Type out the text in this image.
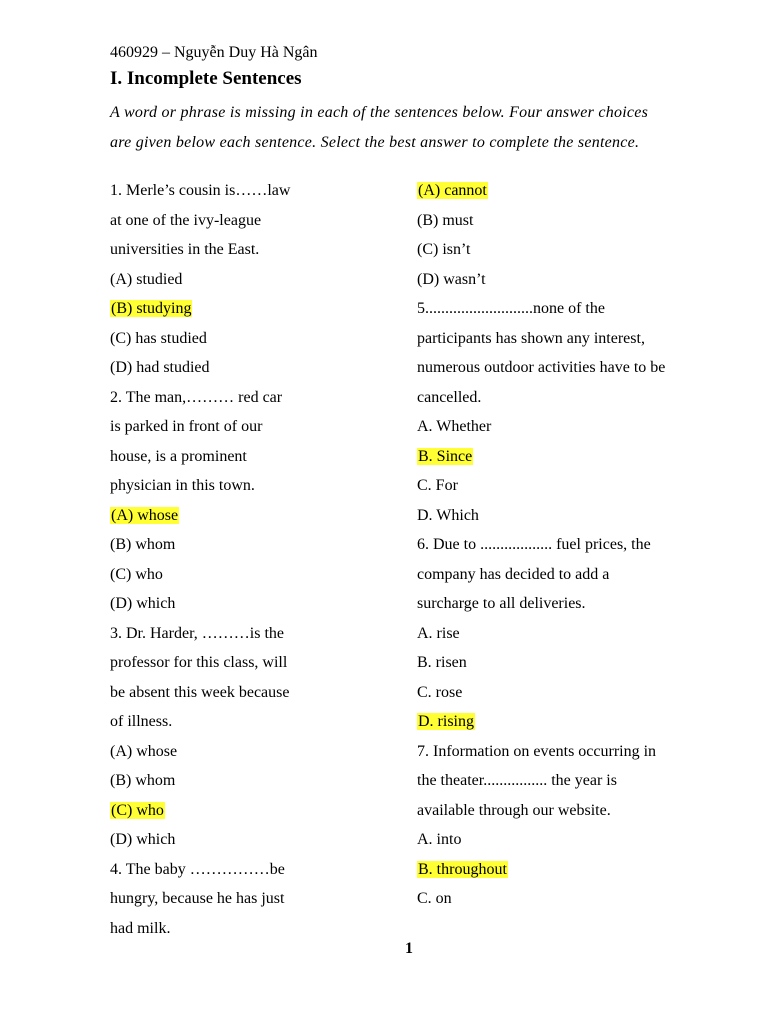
460929 – Nguyễn Duy Hà Ngân
I. Incomplete Sentences
A word or phrase is missing in each of the sentences below. Four answer choices
are given below each sentence. Select the best answer to complete the sentence.
1. Merle’s cousin is……law
at one of the ivy-league
universities in the East.
(A) studied
(B) studying
(C) has studied
(D) had studied
2. The man,……… red car
is parked in front of our
house, is a prominent
physician in this town.
(A) whose
(B) whom
(C) who
(D) which
3. Dr. Harder, ………is the
professor for this class, will
be absent this week because
of illness.
(A) whose
(B) whom
(C) who
(D) which
4. The baby ……………be
hungry, because he has just
had milk.
(A) cannot
(B) must
(C) isn’t
(D) wasn’t
5...........................none of the
participants has shown any interest,
numerous outdoor activities have to be
cancelled.
A. Whether
B. Since
C. For
D. Which
6. Due to .................. fuel prices, the
company has decided to add a
surcharge to all deliveries.
A. rise
B. risen
C. rose
D. rising
7. Information on events occurring in
the theater................ the year is
available through our website.
A. into
B. throughout
C. on
1
